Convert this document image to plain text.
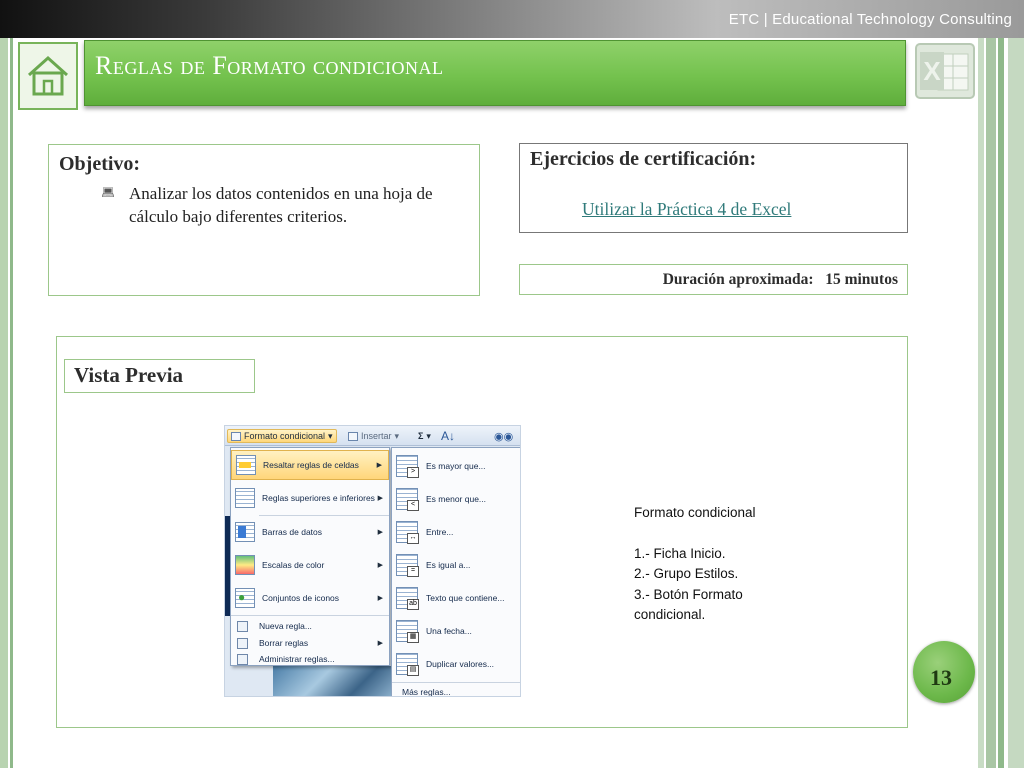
ETC | Educational Technology Consulting
Reglas de Formato condicional	X
Objetivo:
💻︎ Analizar los datos contenidos en una hoja de cálculo bajo diferentes criterios.
Ejercicios de certificación:
Utilizar la Práctica 4 de Excel
Duración aproximada: 15 minutos
Vista Previa
Formato condicional ▾	Insertar ▾ Σ ▾ A↓	◉◉
Resaltar reglas de celdas	▶
Reglas superiores e inferiores ▶
Barras de datos	▶
Escalas de color	▶
●
Conjuntos de iconos	▶
Nueva regla...
Borrar reglas	▶
Administrar reglas...
>
Es mayor que...
<
Es menor que...
↔
Entre...
=
Es igual a...
ab
Texto que contiene...
▦
Una fecha...
▤
Duplicar valores...
Más reglas...
Formato condicional
1.- Ficha Inicio.
2.- Grupo Estilos.
3.- Botón Formato condicional.
13
